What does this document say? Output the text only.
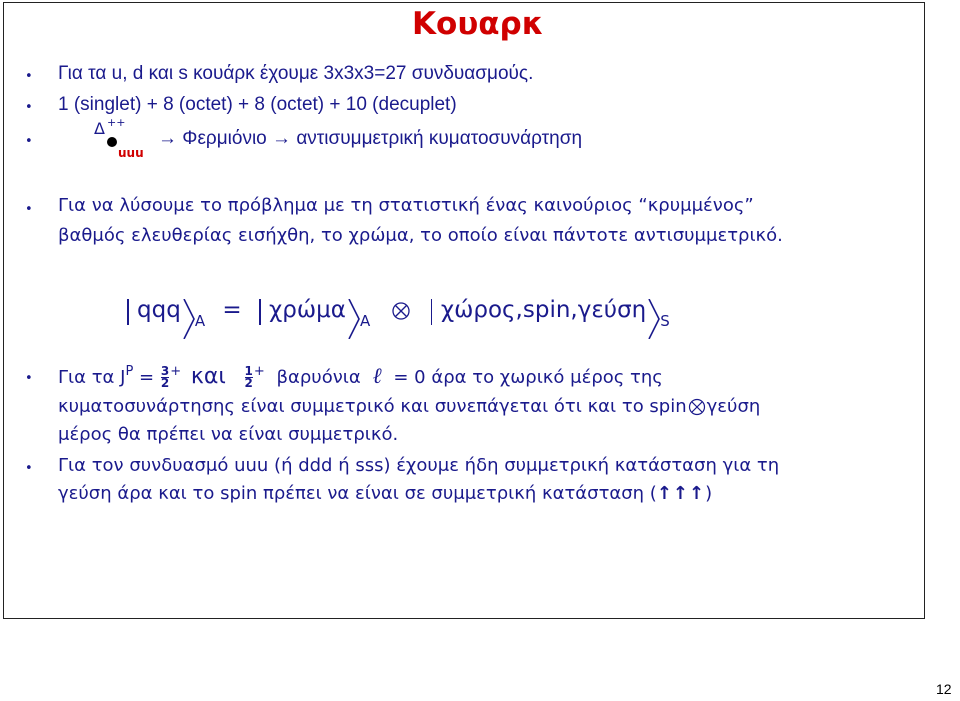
Κουαρκ
• Για τα u, d και s κουάρκ έχουμε 3x3x3=27 συνδυασμούς.
• 1 (singlet) + 8 (octet) + 8 (octet) + 10 (decuplet)
•
Δ ++
uuu
→ Φερμιόνιο → αντισυμμετρική κυματοσυνάρτηση
• Για να λύσουμε το πρόβλημα με τη στατιστική ένας καινούριος “κρυμμένος”
βαθμός ελευθερίας εισήχθη, το χρώμα, το οποίο είναι πάντοτε αντισυμμετρικό.
qqq $_A$ = χρώμα $_A$	χώρος,spin,γεύση $_S$
• Για τα $J^P = \frac{3}{2}^+$ και $\frac{1}{2}^+$ βαρυόνια ℓ = 0 άρα το χωρικό μέρος της
κυματοσυνάρτησης είναι συμμετρικό και συνεπάγεται ότι και το spin γεύση
μέρος θα πρέπει να είναι συμμετρικό.
• Για τον συνδυασμό uuu (ή ddd ή sss) έχουμε ήδη συμμετρική κατάσταση για τη
γεύση άρα και το spin πρέπει να είναι σε συμμετρική κατάσταση (↑↑↑)
12
